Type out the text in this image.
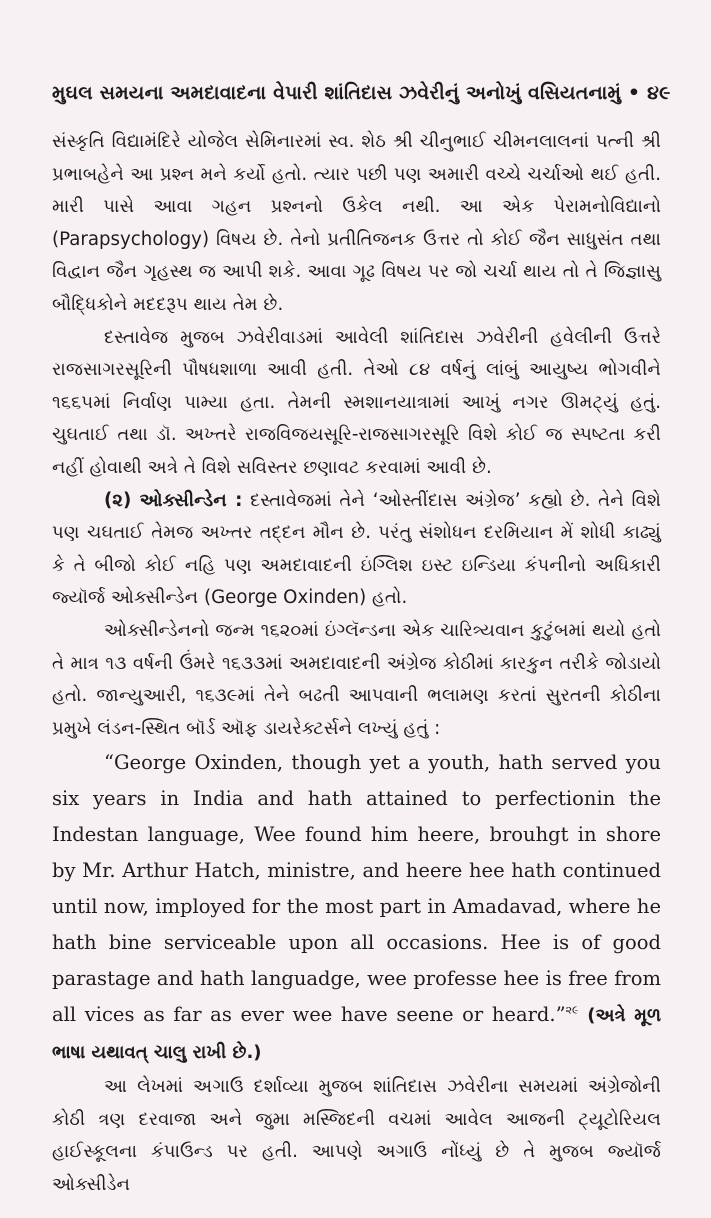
મુઘલ સમયના અમદાવાદના વેપારી શાંતિદાસ ઝવેરીનું અનોખું વસિયતનામું • ૪૯

સંસ્કૃતિ વિદ્યામંદિરે યોજેલ સેમિનારમાં સ્વ. શેઠ શ્રી ચીનુભાઈ ચીમનલાલનાં પત્ની શ્રી પ્રભાબહેને આ પ્રશ્ન મને કર્યો હતો. ત્યાર પછી પણ અમારી વચ્ચે ચર્ચાઓ થઈ હતી. મારી પાસે આવા ગહન પ્રશ્નનો ઉકેલ નથી. આ એક પેરામનોવિદ્યાનો (Parapsychology) વિષય છે. તેનો પ્રતીતિજનક ઉત્તર તો કોઈ જૈન સાધુસંત તથા વિદ્વાન જૈન ગૃહસ્થ જ આપી શકે. આવા ગૂઢ વિષય પર જો ચર્ચા થાય તો તે જિજ્ઞાસુ બૌદ્ધિકોને મદદરૂપ થાય તેમ છે.

દસ્તાવેજ મુજબ ઝવેરીવાડમાં આવેલી શાંતિદાસ ઝવેરીની હવેલીની ઉત્તરે રાજસાગરસૂરિની પૌષધશાળા આવી હતી. તેઓ ૮૪ વર્ષનું લાંબું આયુષ્ય ભોગવીને ૧૬૬૫માં નિર્વાણ પામ્યા હતા. તેમની સ્મશાનયાત્રામાં આખું નગર ઊમટ્યું હતું. ચુઘતાઈ તથા ડૉ. અખ્તરે રાજવિજયસૂરિ-રાજસાગરસૂરિ વિશે કોઈ જ સ્પષ્ટતા કરી નહીં હોવાથી અત્રે તે વિશે સવિસ્તર છણાવટ કરવામાં આવી છે.

(૨) ઓક્સીન્ડેન : દસ્તાવેજમાં તેને ‘ઓસ્તીંદાસ અંગ્રેજ’ કહ્યો છે. તેને વિશે પણ ચઘતાઈ તેમજ અખ્તર તદ્દન મૌન છે. પરંતુ સંશોધન દરમિયાન મેં શોધી કાઢ્યું કે તે બીજો કોઈ નહિ પણ અમદાવાદની ઇંગ્લિશ ઇસ્ટ ઇન્ડિયા કંપનીનો અધિકારી જ્યૉર્જ ઓક્સીન્ડેન (George Oxinden) હતો.

ઓક્સીન્ડેનનો જન્મ ૧૬૨૦માં ઇંગ્લૅન્ડના એક ચારિત્ર્યવાન કુટુંબમાં થયો હતો તે માત્ર ૧૩ વર્ષની ઉંમરે ૧૬૩૩માં અમદાવાદની અંગ્રેજ કોઠીમાં કારકુન તરીકે જોડાયો હતો. જાન્યુઆરી, ૧૬૩૯માં તેને બઢતી આપવાની ભલામણ કરતાં સુરતની કોઠીના પ્રમુખે લંડન-સ્થિત બૉર્ડ ઑફ ડાયરેક્ટર્સને લખ્યું હતું :

“George Oxinden, though yet a youth, hath served you six years in India and hath attained to perfectionin the Indestan language, Wee found him heere, brouhgt in shore by Mr. Arthur Hatch, ministre, and heere hee hath continued until now, imployed for the most part in Amadavad, where he hath bine serviceable upon all occasions. Hee is of good parastage and hath languadge, wee professe hee is free from all vices as far as ever wee have seene or heard.”$^{૨૯}$ (અત્રે મૂળ ભાષા યથાવત્ ચાલુ રાખી છે.)

આ લેખમાં અગાઉ દર્શાવ્યા મુજબ શાંતિદાસ ઝવેરીના સમયમાં અંગ્રેજોની કોઠી ત્રણ દરવાજા અને જુમા મસ્જિદની વચમાં આવેલ આજની ટ્યૂટોરિયલ હાઈસ્કૂલના કંપાઉન્ડ પર હતી. આપણે અગાઉ નોંધ્યું છે તે મુજબ જ્યૉર્જ ઓક્સીડેન
